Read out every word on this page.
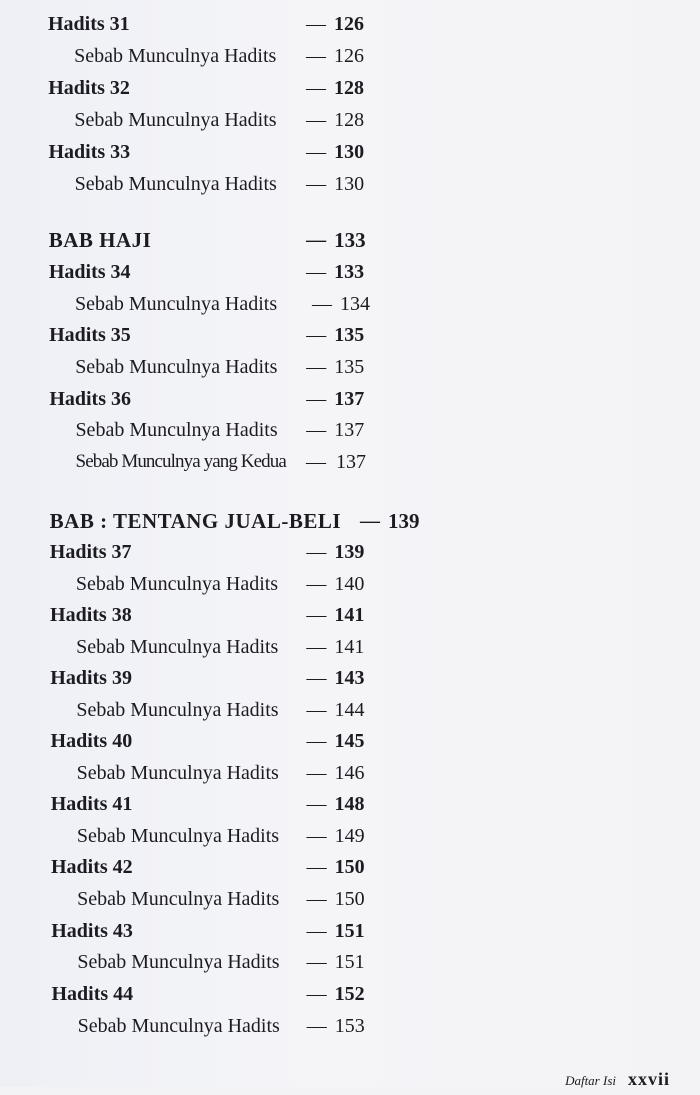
Hadits 31	— 126
Sebab Munculnya Hadits — 126
Hadits 32	— 128
Sebab Munculnya Hadits — 128
Hadits 33	— 130
Sebab Munculnya Hadits — 130
BAB HAJI	— 133
Hadits 34	— 133
Sebab Munculnya Hadits — 134
Hadits 35	— 135
Sebab Munculnya Hadits — 135
Hadits 36	— 137
Sebab Munculnya Hadits — 137
Sebab Munculnya yang Kedua — 137
BAB : TENTANG JUAL-BELI — 139
Hadits 37	— 139
Sebab Munculnya Hadits — 140
Hadits 38	— 141
Sebab Munculnya Hadits — 141
Hadits 39	— 143
Sebab Munculnya Hadits — 144
Hadits 40	— 145
Sebab Munculnya Hadits — 146
Hadits 41	— 148
Sebab Munculnya Hadits — 149
Hadits 42	— 150
Sebab Munculnya Hadits — 150
Hadits 43	— 151
Sebab Munculnya Hadits — 151
Hadits 44	— 152
Sebab Munculnya Hadits — 153
Daftar Isi xxvii
